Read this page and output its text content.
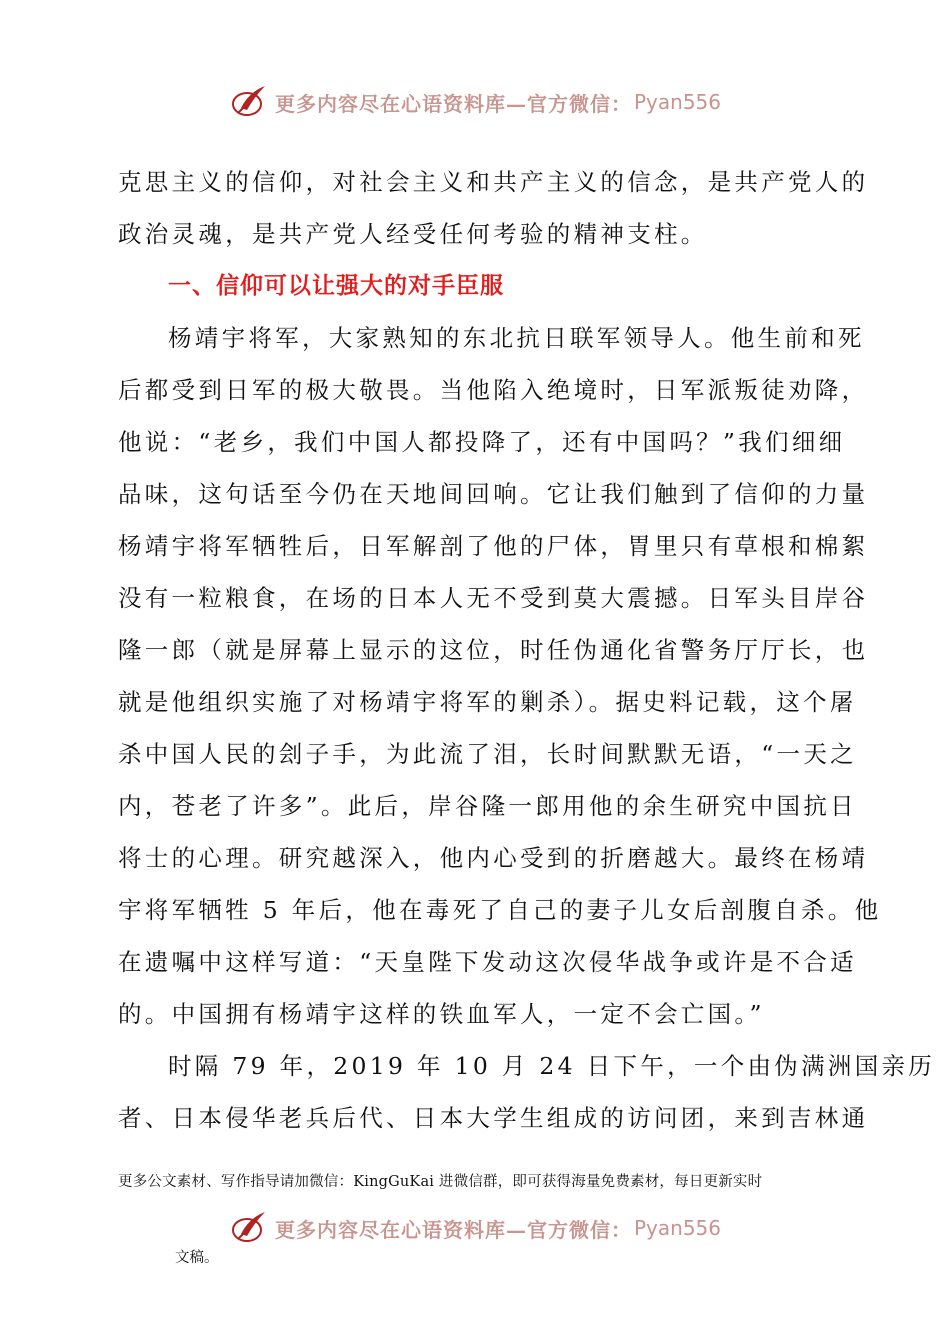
更多内容尽在心语资料库—官方微信： Pyan556
克思主义的信仰，对社会主义和共产主义的信念，是共产党人的
政治灵魂，是共产党人经受任何考验的精神支柱。
一、信仰可以让强大的对手臣服
杨靖宇将军，大家熟知的东北抗日联军领导人。他生前和死
后都受到日军的极大敬畏。当他陷入绝境时，日军派叛徒劝降，
他说：“老乡，我们中国人都投降了，还有中国吗？”我们细细
品味，这句话至今仍在天地间回响。它让我们触到了信仰的力量
杨靖宇将军牺牲后，日军解剖了他的尸体，胃里只有草根和棉絮
没有一粒粮食，在场的日本人无不受到莫大震撼。日军头目岸谷
隆一郎（就是屏幕上显示的这位，时任伪通化省警务厅厅长，也
就是他组织实施了对杨靖宇将军的剿杀）。据史料记载，这个屠
杀中国人民的刽子手，为此流了泪，长时间默默无语，“一天之
内，苍老了许多”。此后，岸谷隆一郎用他的余生研究中国抗日
将士的心理。研究越深入，他内心受到的折磨越大。最终在杨靖
宇将军牺牲 5 年后，他在毒死了自己的妻子儿女后剖腹自杀。他
在遗嘱中这样写道：“天皇陛下发动这次侵华战争或许是不合适
的。中国拥有杨靖宇这样的铁血军人，一定不会亡国。”
时隔 79 年，2019 年 10 月 24 日下午，一个由伪满洲国亲历
者、日本侵华老兵后代、日本大学生组成的访问团，来到吉林通
更多公文素材、写作指导请加微信：KingGuKai 进微信群，即可获得海量免费素材，每日更新实时
更多内容尽在心语资料库—官方微信： Pyan556
文稿。
